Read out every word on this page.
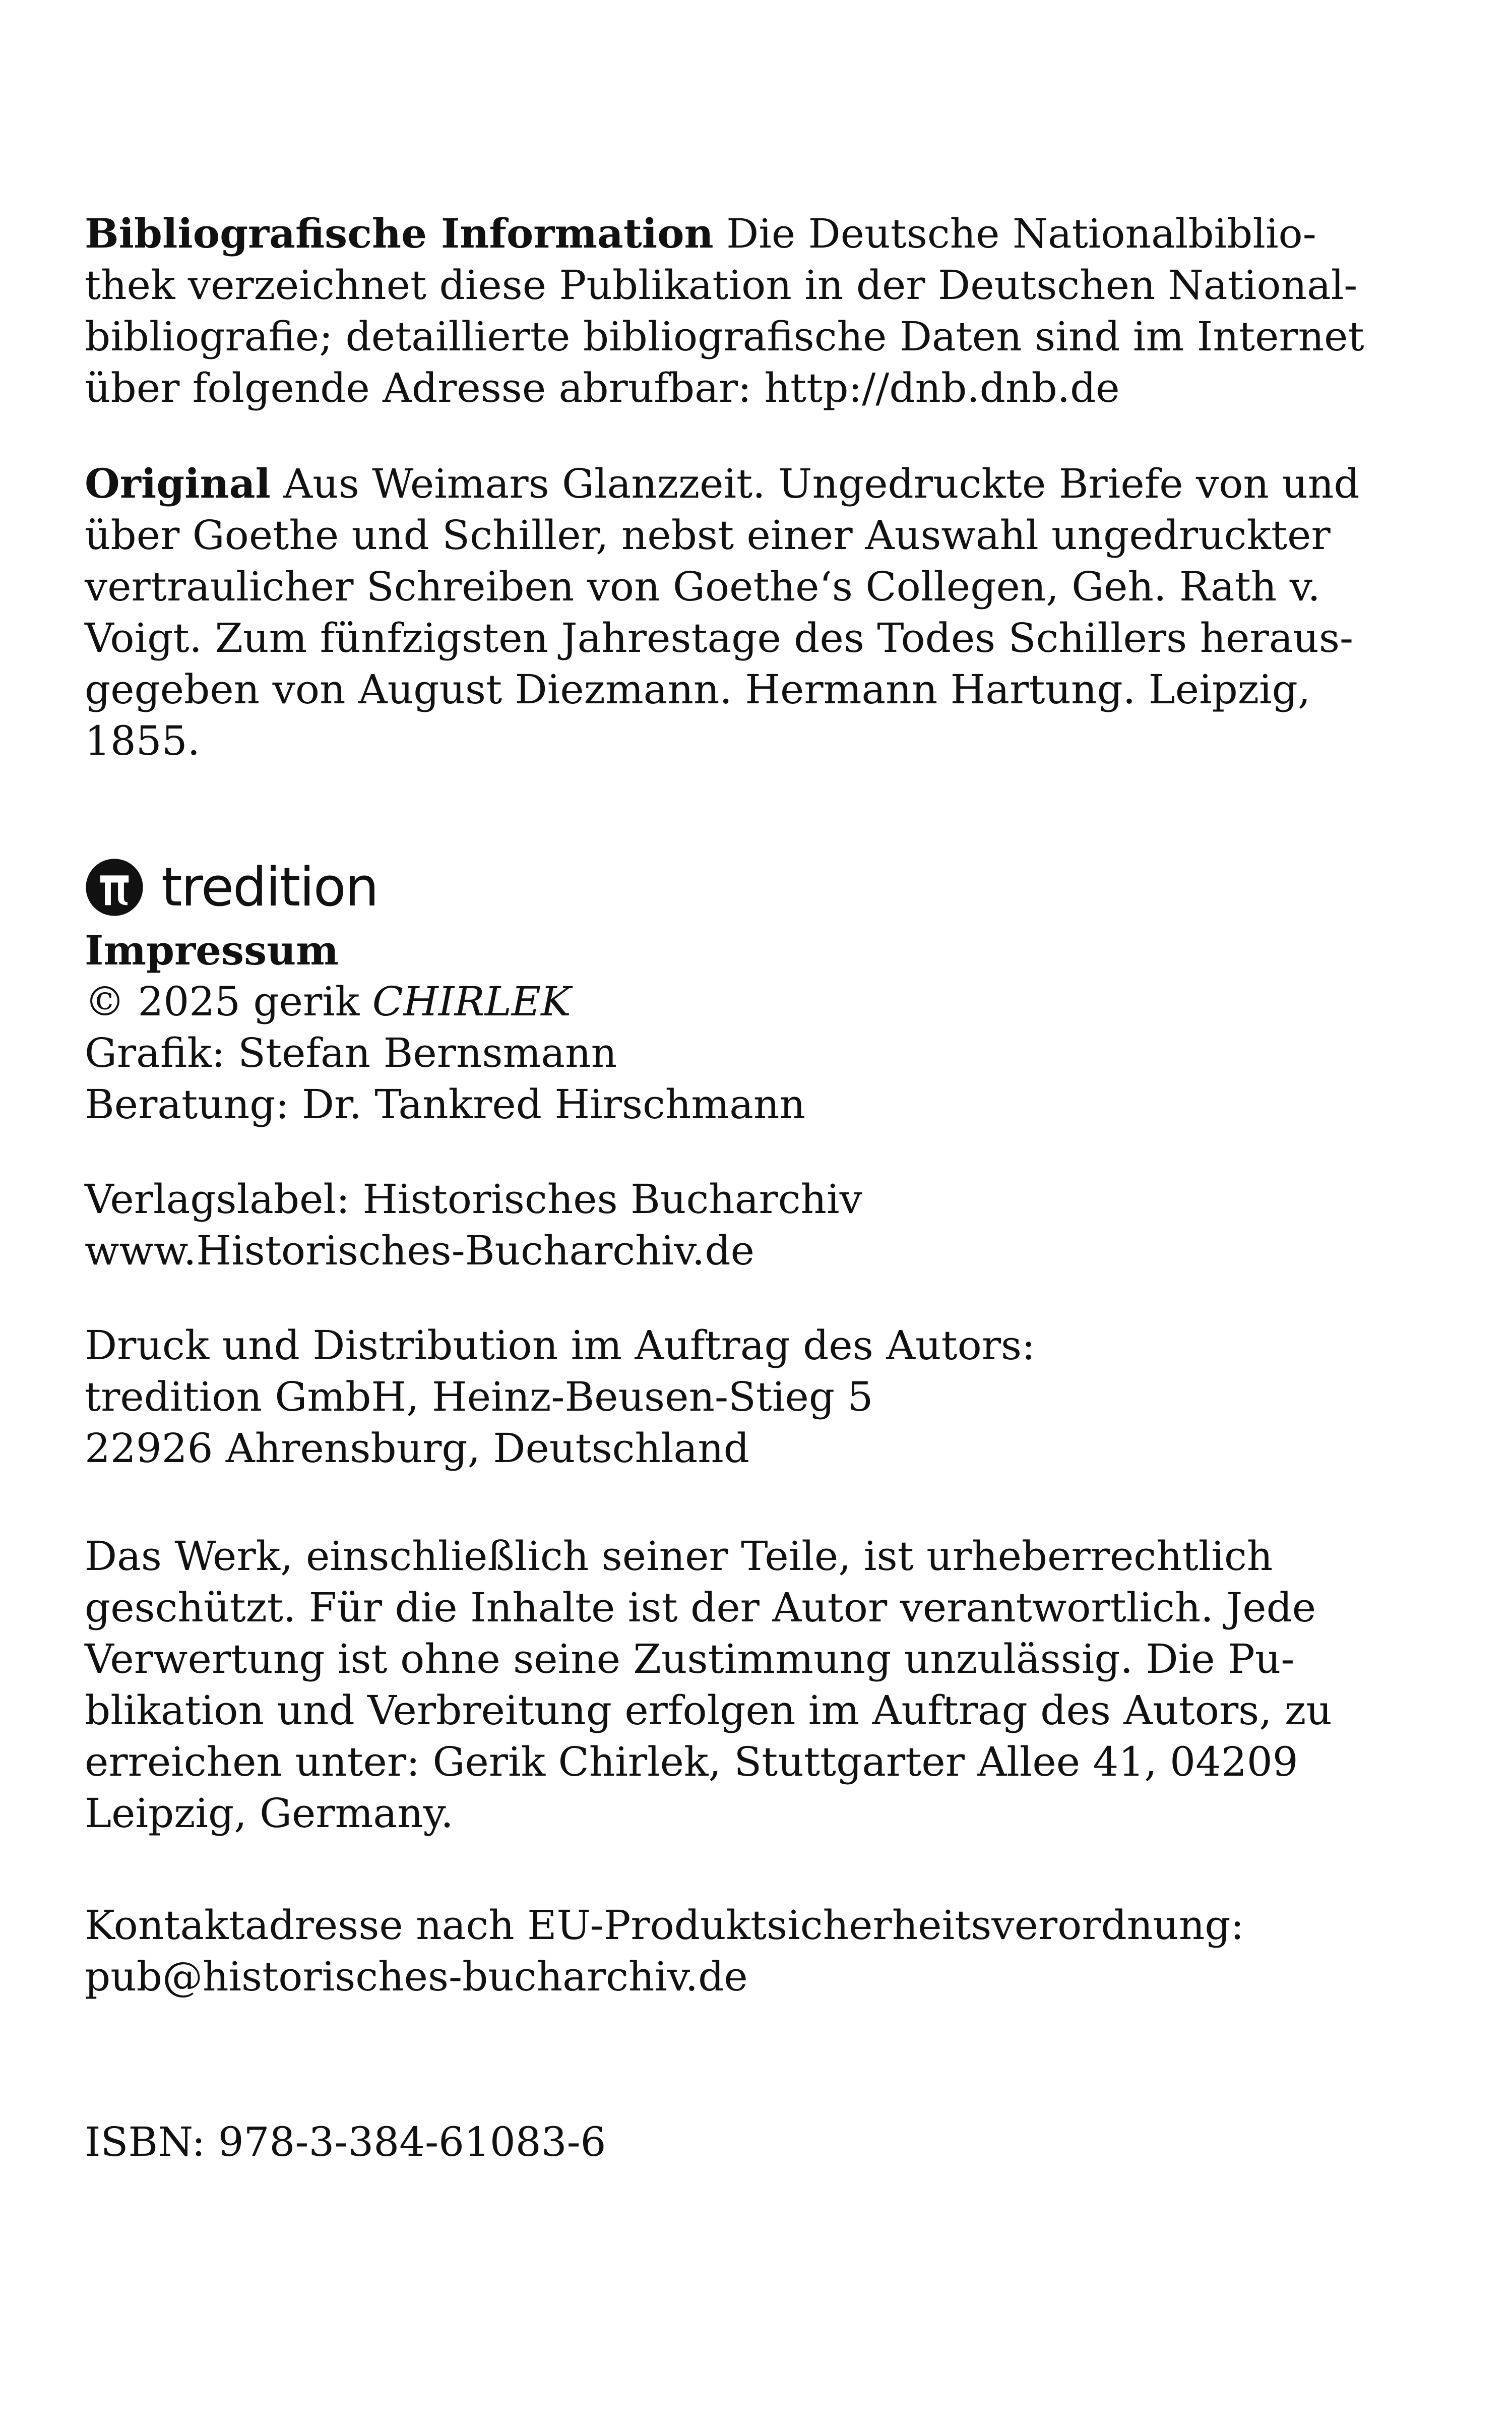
Bibliografische Information Die Deutsche Nationalbiblio-
thek verzeichnet diese Publikation in der Deutschen National-
bibliografie; detaillierte bibliografische Daten sind im Internet
über folgende Adresse abrufbar: http://dnb.dnb.de
Original Aus Weimars Glanzzeit. Ungedruckte Briefe von und
über Goethe und Schiller, nebst einer Auswahl ungedruckter
vertraulicher Schreiben von Goethe‘s Collegen, Geh. Rath v.
Voigt. Zum fünfzigsten Jahrestage des Todes Schillers heraus-
gegeben von August Diezmann. Hermann Hartung. Leipzig,
1855.
tredition
Impressum
© 2025 gerik CHIRLEK
Grafik: Stefan Bernsmann
Beratung: Dr. Tankred Hirschmann
Verlagslabel: Historisches Bucharchiv
www.Historisches-Bucharchiv.de
Druck und Distribution im Auftrag des Autors:
tredition GmbH, Heinz-Beusen-Stieg 5
22926 Ahrensburg, Deutschland
Das Werk, einschließlich seiner Teile, ist urheberrechtlich
geschützt. Für die Inhalte ist der Autor verantwortlich. Jede
Verwertung ist ohne seine Zustimmung unzulässig. Die Pu-
blikation und Verbreitung erfolgen im Auftrag des Autors, zu
erreichen unter: Gerik Chirlek, Stuttgarter Allee 41, 04209
Leipzig, Germany.
Kontaktadresse nach EU-Produktsicherheitsverordnung:
pub@historisches-bucharchiv.de
ISBN: 978-3-384-61083-6
